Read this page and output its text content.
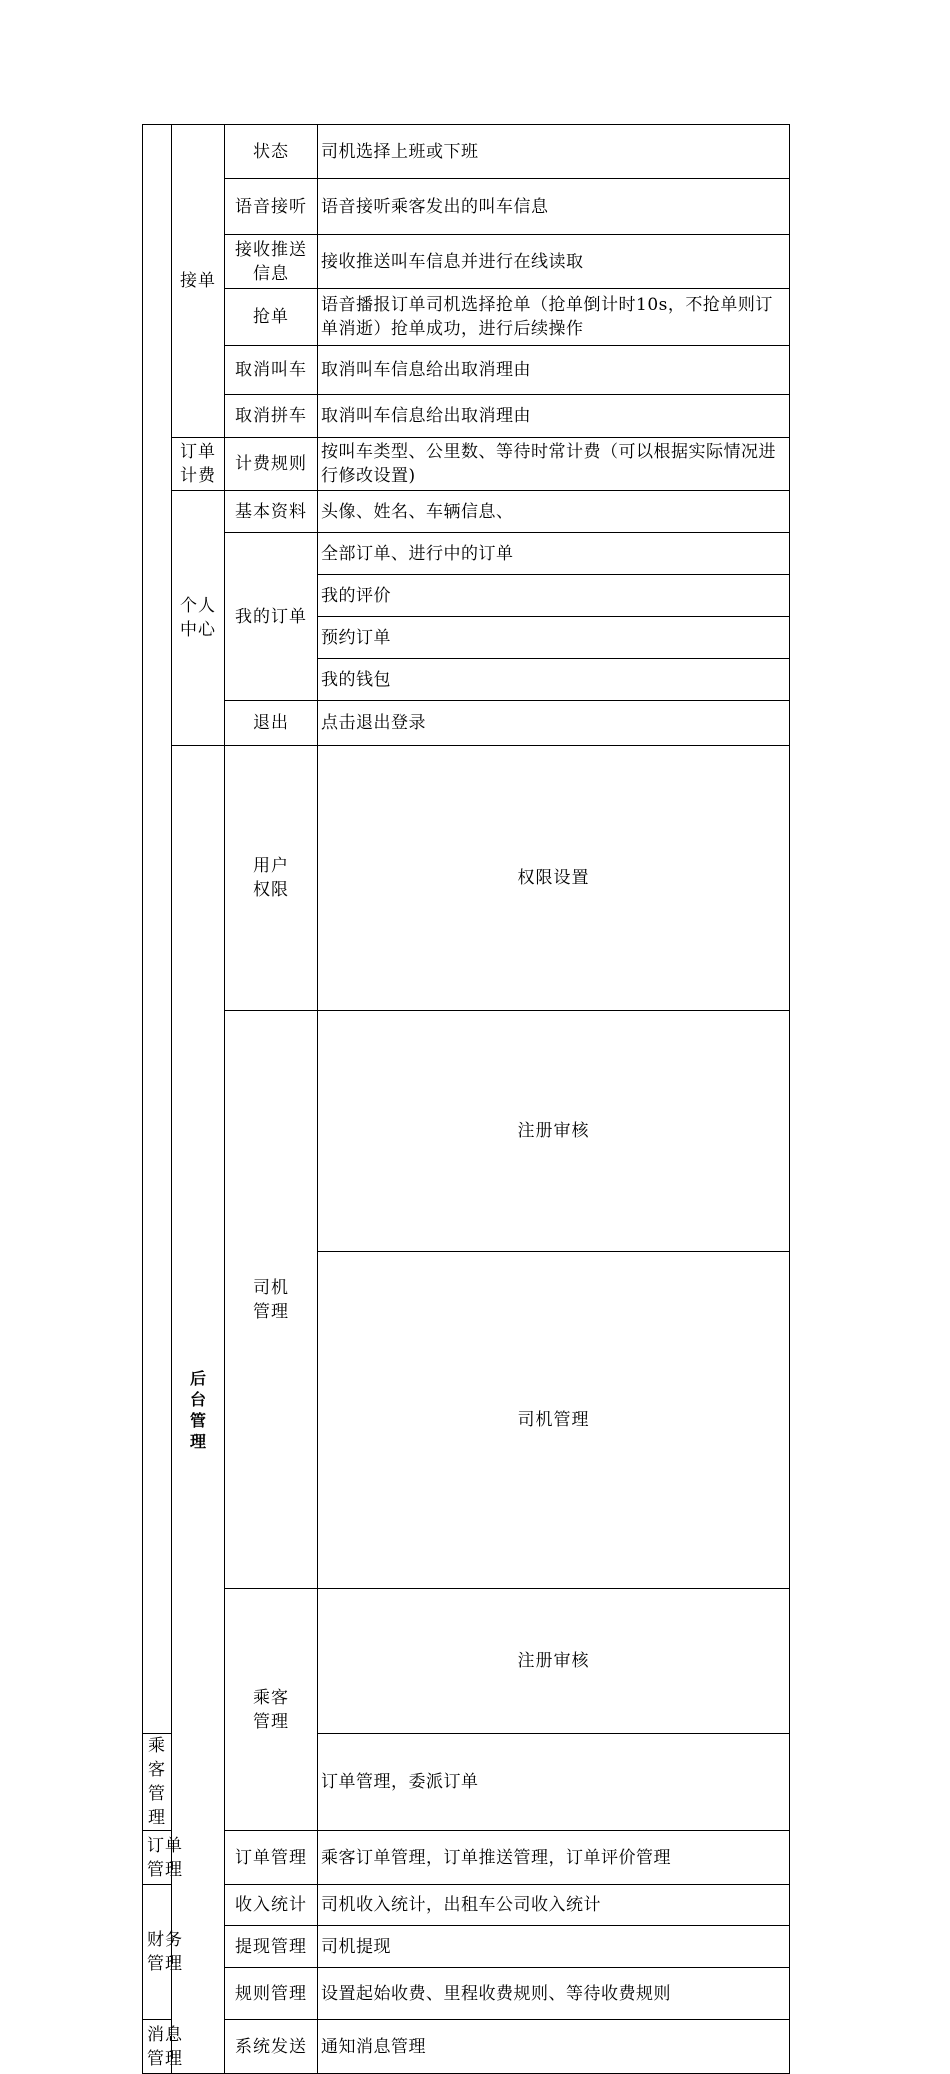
	接单	状态	司机选择上班或下班	
		语音接听	语音接听乘客发出的叫车信息	

		接收推送信息	接收推送叫车信息并进行在线读取	
		抢单	语音播报订单司机选择抢单（抢单倒计时10s，不抢单则订单消逝）抢单成功，进行后续操作	
		取消叫车	取消叫车信息给出取消理由	
		取消拼车	取消叫车信息给出取消理由	

	订单计费	计费规则	按叫车类型、公里数、等待时常计费（可以根据实际情况进行修改设置)	

	个人中心	基本资料	头像、姓名、车辆信息、	
		我的订单	全部订单、进行中的订单	
			我的评价	
			预约订单	
			我的钱包	
		退出	点击退出登录	

	后台管理	用户权限	权限设置	

		司机管理	注册审核	
			司机管理	

		乘客管理	注册审核	
乘客管理			订单管理，委派订单	

订单管理		订单管理	乘客订单管理，订单推送管理，订单评价管理	

财务管理		收入统计	司机收入统计，出租车公司收入统计	
		提现管理	司机提现	
		规则管理	设置起始收费、里程收费规则、等待收费规则	

消息管理		系统发送	通知消息管理	
